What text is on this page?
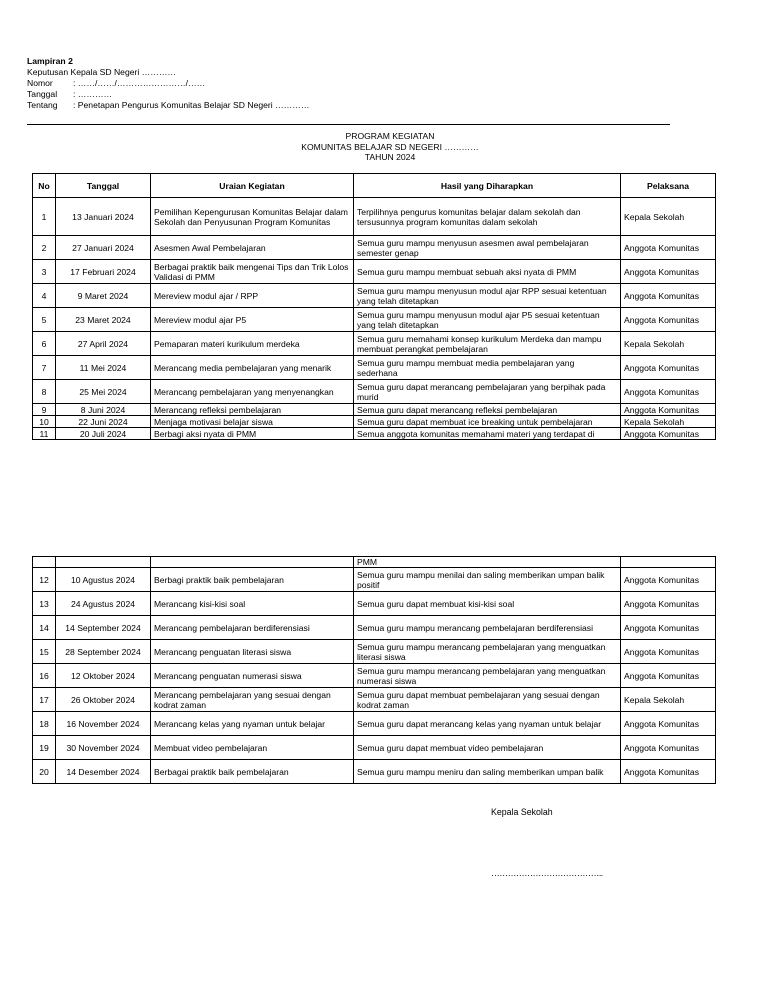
Lampiran 2
Keputusan Kepala SD Negeri …………
Nomor	: ……/……/……………………/……
Tanggal	: …………
Tentang	: Penetapan Pengurus Komunitas Belajar SD Negeri …………
PROGRAM KEGIATAN
KOMUNITAS BELAJAR SD NEGERI …………
TAHUN 2024
No	Tanggal	Uraian Kegiatan	Hasil yang Diharapkan	Pelaksana
1	13 Januari 2024	Pemilihan Kepengurusan Komunitas Belajar dalam Sekolah dan Penyusunan Program Komunitas	Terpilihnya pengurus komunitas belajar dalam sekolah dan tersusunnya program komunitas dalam sekolah	Kepala Sekolah
2	27 Januari 2024	Asesmen Awal Pembelajaran	Semua guru mampu menyusun asesmen awal pembelajaran semester genap	Anggota Komunitas
3	17 Februari 2024	Berbagai praktik baik mengenai Tips dan Trik Lolos Validasi di PMM	Semua guru mampu membuat sebuah aksi nyata di PMM	Anggota Komunitas
4	9 Maret 2024	Mereview modul ajar / RPP	Semua guru mampu menyusun modul ajar RPP sesuai ketentuan yang telah ditetapkan	Anggota Komunitas
5	23 Maret 2024	Mereview modul ajar P5	Semua guru mampu menyusun modul ajar P5 sesuai ketentuan yang telah ditetapkan	Anggota Komunitas
6	27 April 2024	Pemaparan materi kurikulum merdeka	Semua guru memahami konsep kurikulum Merdeka dan mampu membuat perangkat pembelajaran	Kepala Sekolah
7	11 Mei 2024	Merancang media pembelajaran yang menarik	Semua guru mampu membuat media pembelajaran yang sederhana	Anggota Komunitas
8	25 Mei 2024	Merancang pembelajaran yang menyenangkan	Semua guru dapat merancang pembelajaran yang berpihak pada murid	Anggota Komunitas
9	8 Juni 2024	Merancang refleksi pembelajaran	Semua guru dapat merancang refleksi pembelajaran	Anggota Komunitas
10	22 Juni 2024	Menjaga motivasi belajar siswa	Semua guru dapat membuat ice breaking untuk pembelajaran	Kepala Sekolah
11	20 Juli 2024	Berbagi aksi nyata di PMM	Semua anggota komunitas memahami materi yang terdapat di	Anggota Komunitas
			PMM	
12	10 Agustus 2024	Berbagi praktik baik pembelajaran	Semua guru mampu menilai dan saling memberikan umpan balik positif	Anggota Komunitas
13	24 Agustus 2024	Merancang kisi-kisi soal	Semua guru dapat membuat kisi-kisi soal	Anggota Komunitas
14	14 September 2024	Merancang pembelajaran berdiferensiasi	Semua guru mampu merancang pembelajaran berdiferensiasi	Anggota Komunitas
15	28 September 2024	Merancang penguatan literasi siswa	Semua guru mampu merancang pembelajaran yang menguatkan literasi siswa	Anggota Komunitas
16	12 Oktober 2024	Merancang penguatan numerasi siswa	Semua guru mampu merancang pembelajaran yang menguatkan numerasi siswa	Anggota Komunitas
17	26 Oktober 2024	Merancang pembelajaran yang sesuai dengan kodrat zaman	Semua guru dapat membuat pembelajaran yang sesuai dengan kodrat zaman	Kepala Sekolah
18	16 November 2024	Merancang kelas yang nyaman untuk belajar	Semua guru dapat merancang kelas yang nyaman untuk belajar	Anggota Komunitas
19	30 November 2024	Membuat video pembelajaran	Semua guru dapat membuat video pembelajaran	Anggota Komunitas
20	14 Desember 2024	Berbagai praktik baik pembelajaran	Semua guru mampu meniru dan saling memberikan umpan balik	Anggota Komunitas
Kepala Sekolah
…………………………………..
